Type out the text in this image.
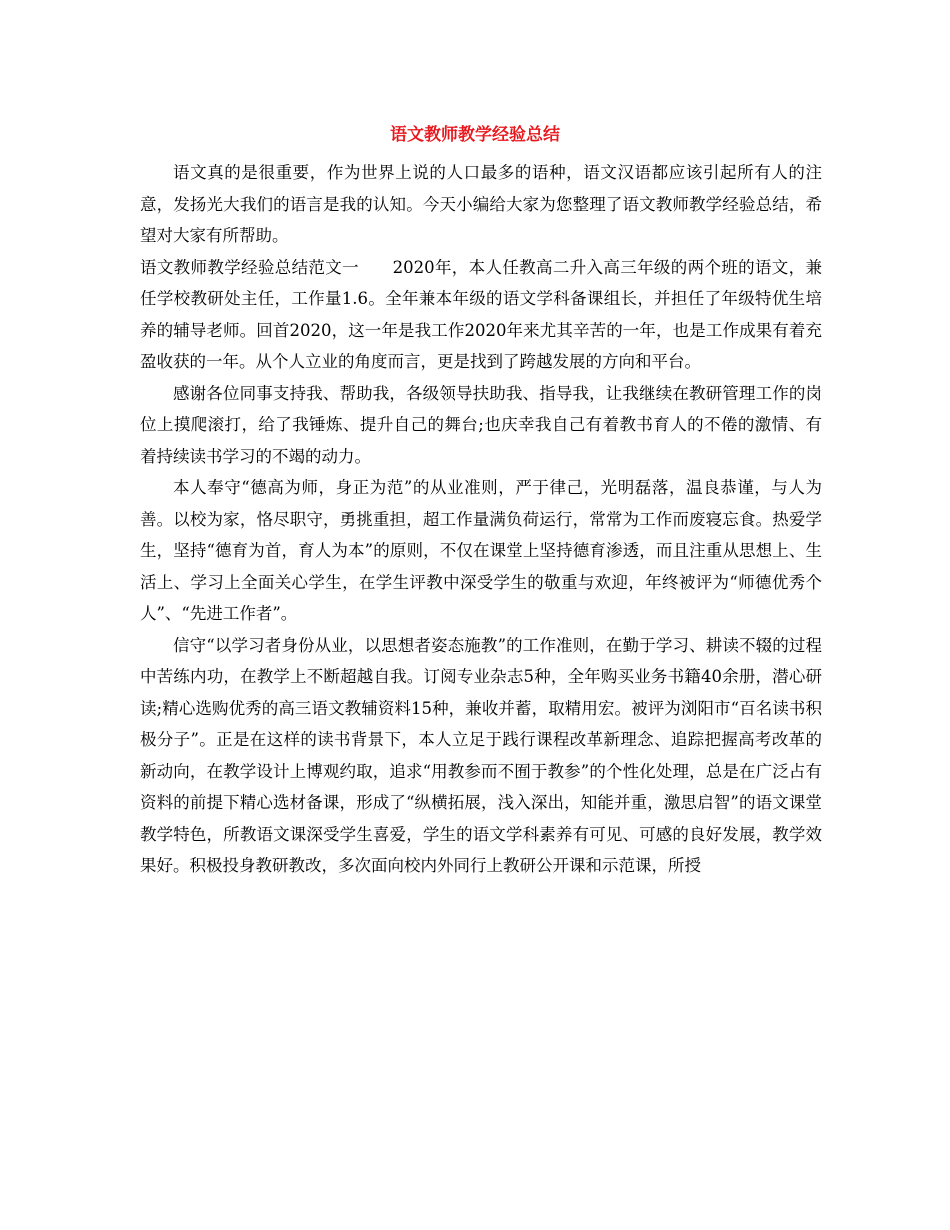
语文教师教学经验总结

语文真的是很重要，作为世界上说的人口最多的语种，语文汉语都应该引起所有人的注意，发扬光大我们的语言是我的认知。今天小编给大家为您整理了语文教师教学经验总结，希望对大家有所帮助。

语文教师教学经验总结范文一　　2020年，本人任教高二升入高三年级的两个班的语文，兼任学校教研处主任，工作量1.6。全年兼本年级的语文学科备课组长，并担任了年级特优生培养的辅导老师。回首2020，这一年是我工作2020年来尤其辛苦的一年，也是工作成果有着充盈收获的一年。从个人立业的角度而言，更是找到了跨越发展的方向和平台。

感谢各位同事支持我、帮助我，各级领导扶助我、指导我，让我继续在教研管理工作的岗位上摸爬滚打，给了我锤炼、提升自己的舞台;也庆幸我自己有着教书育人的不倦的激情、有着持续读书学习的不竭的动力。

本人奉守“德高为师，身正为范”的从业准则，严于律己，光明磊落，温良恭谨，与人为善。以校为家，恪尽职守，勇挑重担，超工作量满负荷运行，常常为工作而废寝忘食。热爱学生，坚持“德育为首，育人为本”的原则，不仅在课堂上坚持德育渗透，而且注重从思想上、生活上、学习上全面关心学生，在学生评教中深受学生的敬重与欢迎，年终被评为“师德优秀个人”、“先进工作者”。

信守“以学习者身份从业，以思想者姿态施教”的工作准则，在勤于学习、耕读不辍的过程中苦练内功，在教学上不断超越自我。订阅专业杂志5种，全年购买业务书籍40余册，潜心研读;精心选购优秀的高三语文教辅资料15种，兼收并蓄，取精用宏。被评为浏阳市“百名读书积极分子”。正是在这样的读书背景下，本人立足于践行课程改革新理念、追踪把握高考改革的新动向，在教学设计上博观约取，追求“用教参而不囿于教参”的个性化处理，总是在广泛占有资料的前提下精心选材备课，形成了“纵横拓展，浅入深出，知能并重，激思启智”的语文课堂教学特色，所教语文课深受学生喜爱，学生的语文学科素养有可见、可感的良好发展，教学效果好。积极投身教研教改，多次面向校内外同行上教研公开课和示范课，所授
